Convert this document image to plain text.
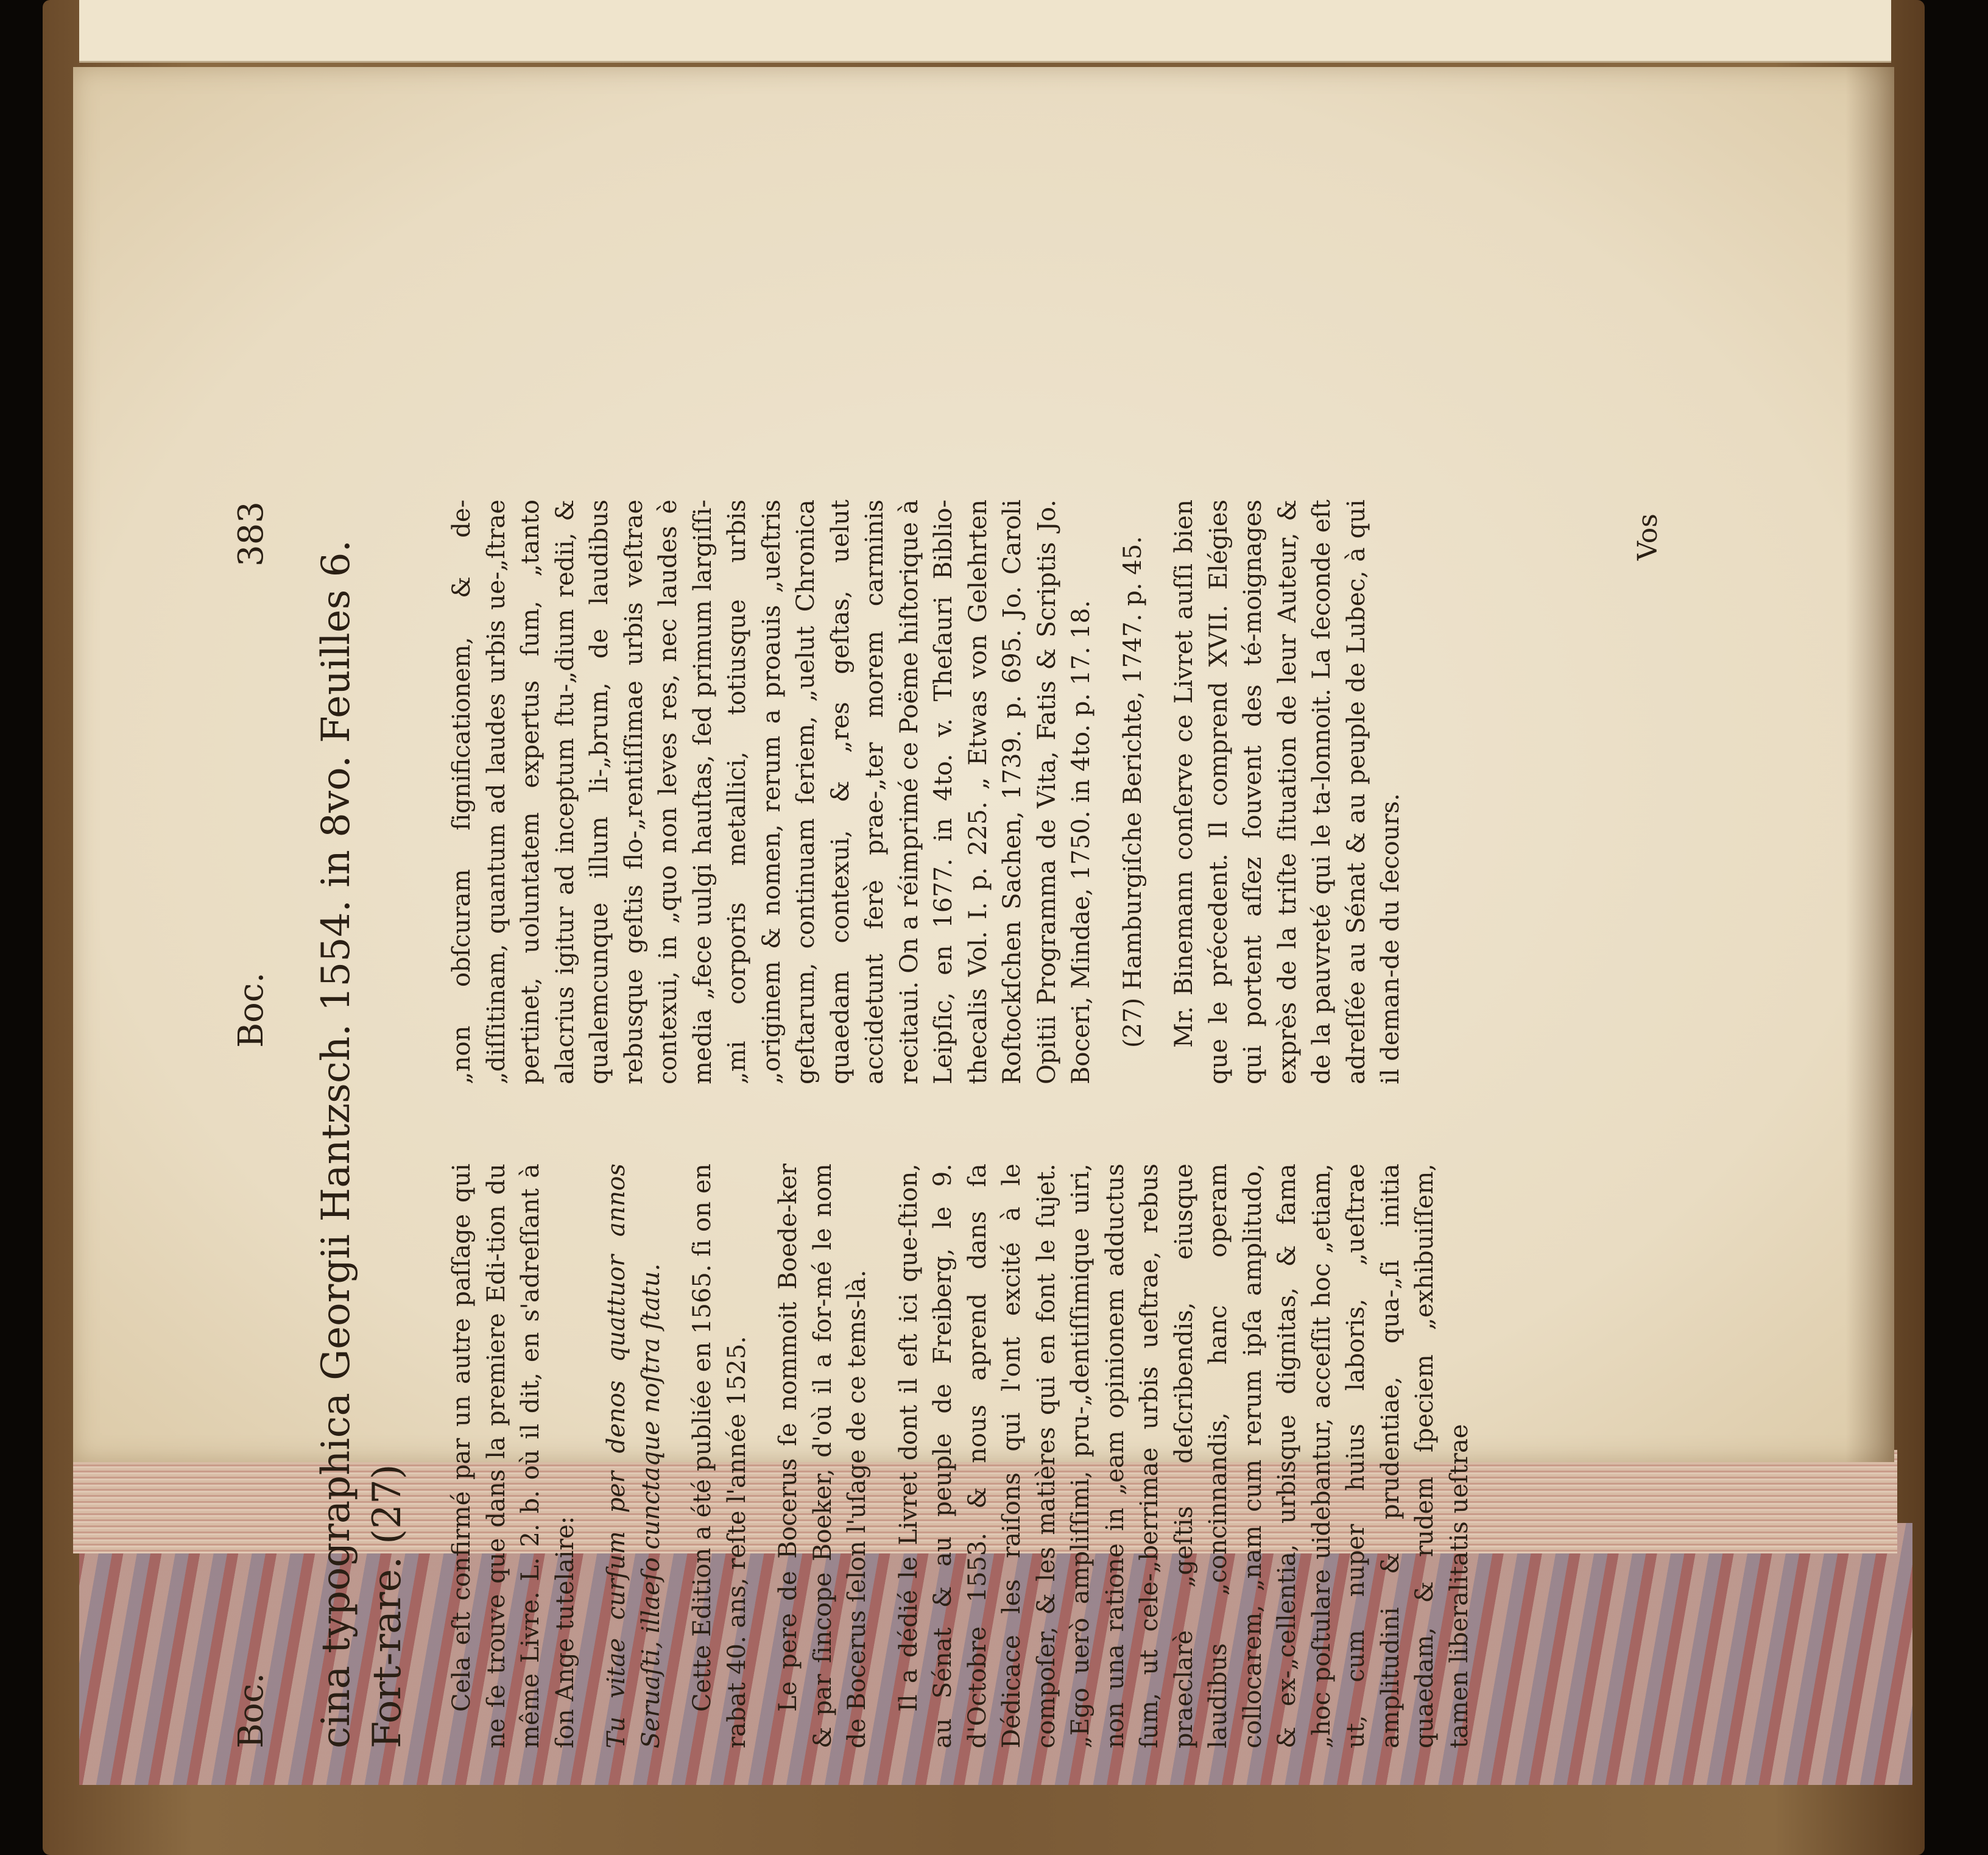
Boc.
Boc.
383
cina typographica Georgii Hantzsch. 1554. in 8vo. Feuilles 6. Fort-rare. (27) Cela eſt confirmé par un autre paſſage qui ne ſe trouve que dans la premiere Edi-tion du même Livre. L. 2. b. où il dit, en s'adreſſant à ſon Ange tutelaire: Tu vitae curſum per denos quattuor annos Seruaſti, illaeſo cunctaque noſtra ſtatu. Cette Edition a été publiée en 1565. ſi on en rabat 40. ans, reſte l'année 1525. Le pere de Bocerus ſe nommoit Boede-ker & par ſincope Boeker, d'où il a for-mé le nom de Bocerus ſelon l'uſage de ce tems-là. Il a dédié le Livret dont il eſt ici que-ſtion, au Sénat & au peuple de Freiberg, le 9. d'Octobre 1553. & nous aprend dans ſa Dédicace les raiſons qui l'ont excité à le compoſer, & les matières qui en font le ſujet. „Ego uerò ampliſſimi, pru-„dentiſſimique uiri, non una ratione in „eam opinionem adductus ſum, ut cele-„berrimae urbis ueſtrae, rebus praeclarè „geſtis deſcribendis, eiusque laudibus „concinnandis, hanc operam collocarem, „nam cum rerum ipſa amplitudo, & ex-„cellentia, urbisque dignitas, & fama „hoc poſtulare uidebantur, acceſſit hoc „etiam, ut, cum nuper huius laboris, „ueſtrae amplitudini & prudentiae, qua-„ſi initia quaedam, & rudem ſpeciem „exhibuiſſem, tamen liberalitatis ueſtrae

„non obſcuram ſignificationem, & de-„diſſitinam, quantum ad laudes urbis ue-„ſtrae pertinet, uoluntatem expertus ſum, „tanto alacrius igitur ad inceptum ſtu-„dium redii, & qualemcunque illum li-„brum, de laudibus rebusque geſtis flo-„rentiſſimae urbis veſtrae contexui, in „quo non leves res, nec laudes è media „fece uulgi hauſtas, ſed primum largiſſi-„mi corporis metallici, totiusque urbis „originem & nomen, rerum a proauis „ueſtris geſtarum, continuam ſeriem, „uelut Chronica quaedam contexui, & „res geſtas, uelut accidetunt ferè prae-„ter morem carminis recitaui. On a réimprimé ce Poëme hiſtorique à Leipſic, en 1677. in 4to. v. Theſauri Biblio-thecalis Vol. I. p. 225. „ Etwas von Gelehrten Roſtockſchen Sachen, 1739. p. 695. Jo. Caroli Opitii Programma de Vita, Fatis & Scriptis Jo. Boceri, Mindae, 1750. in 4to. p. 17. 18. (27) Hamburgiſche Berichte, 1747. p. 45. Mr. Binemann conſerve ce Livret auſſi bien que le précedent. Il comprend XVII. Elégies qui portent aſſez ſouvent des té-moignages exprès de la triſte ſituation de leur Auteur, & de la pauvreté qui le ta-lonnoit. La ſeconde eſt adreſſée au Sénat & au peuple de Lubec, à qui il deman-de du ſecours.

Vos
